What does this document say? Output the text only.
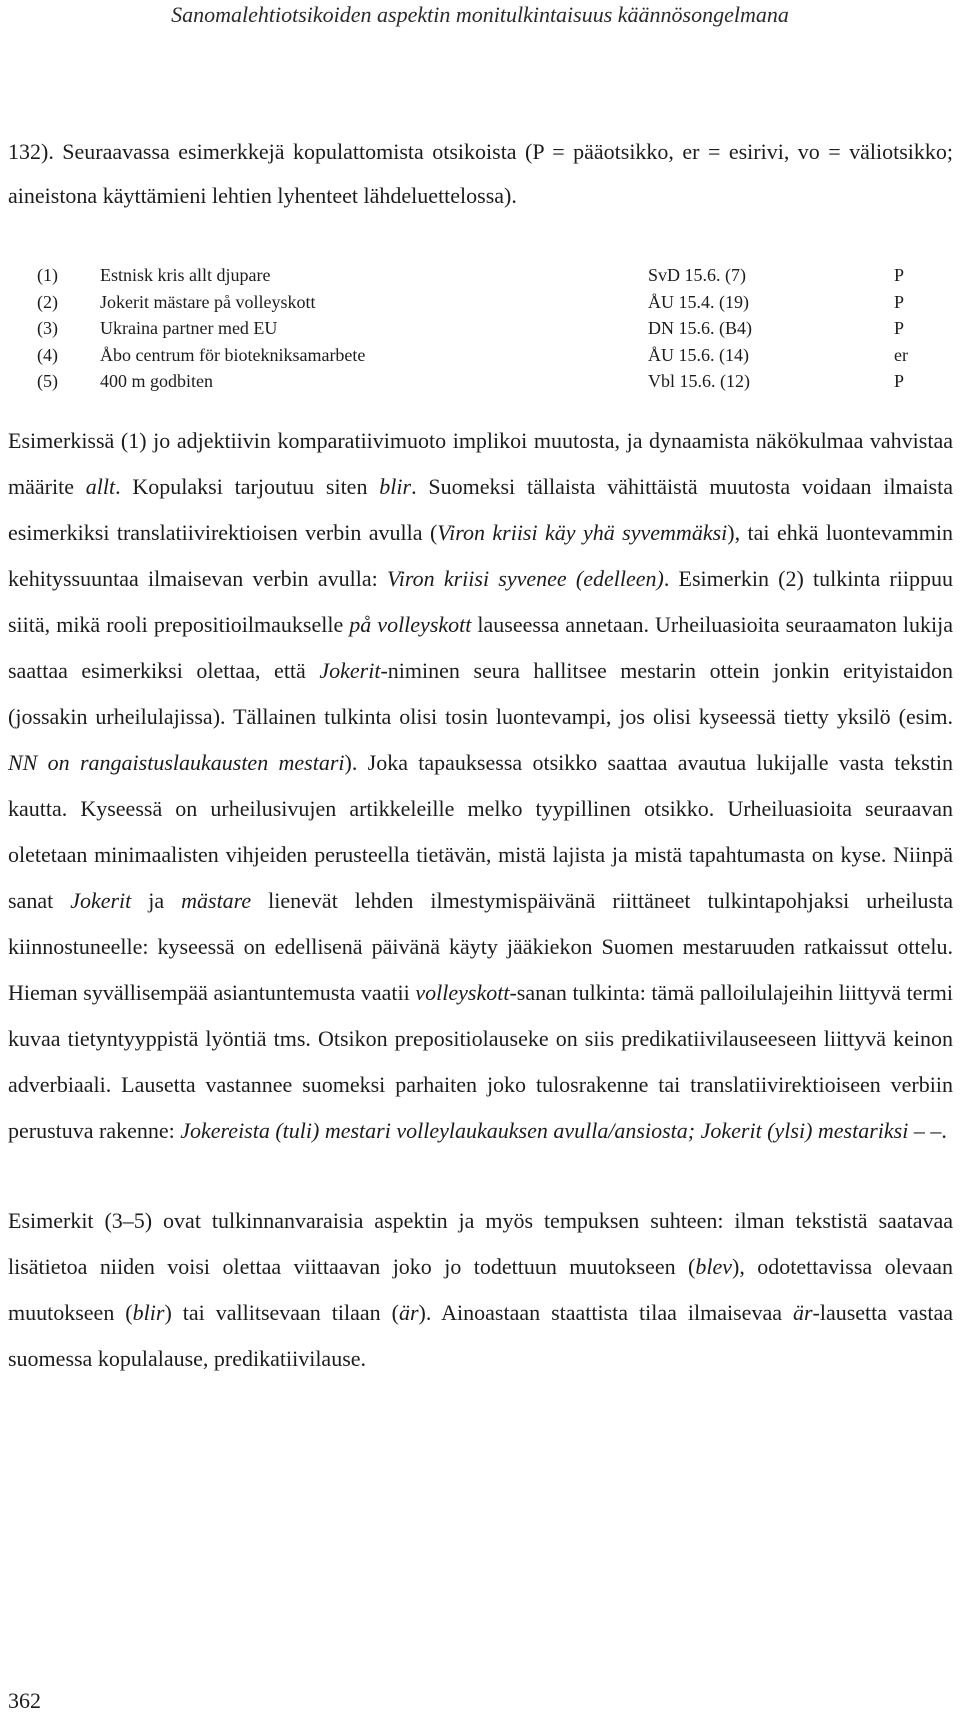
Sanomalehtiotsikoiden aspektin monitulkintaisuus käännösongelmana
132). Seuraavassa esimerkkejä kopulattomista otsikoista (P = pääotsikko, er = esirivi, vo = väliotsikko; aineistona käyttämieni lehtien lyhenteet lähdeluettelossa).
(1) Estnisk kris allt djupare	SvD 15.6. (7)	P
(2) Jokerit mästare på volleyskott	ÅU 15.4. (19)	P
(3) Ukraina partner med EU	DN 15.6. (B4)	P
(4) Åbo centrum för biotekniksamarbete	ÅU 15.6. (14)	er
(5) 400 m godbiten	Vbl 15.6. (12)	P

Esimerkissä (1) jo adjektiivin komparatiivimuoto implikoi muutosta, ja dynaamista näkökulmaa vahvistaa määrite allt. Kopulaksi tarjoutuu siten blir. Suomeksi tällaista vähittäistä muutosta voidaan ilmaista esimerkiksi translatiivirektioisen verbin avulla (Viron kriisi käy yhä syvemmäksi), tai ehkä luontevammin kehityssuuntaa ilmaisevan verbin avulla: Viron kriisi syvenee (edelleen). Esimerkin (2) tulkinta riippuu siitä, mikä rooli prepositioilmaukselle på volleyskott lauseessa annetaan. Urheiluasioita seuraamaton lukija saattaa esimerkiksi olettaa, että Jokerit-niminen seura hallitsee mestarin ottein jonkin erityistaidon (jossakin urheilulajissa). Tällainen tulkinta olisi tosin luontevampi, jos olisi kyseessä tietty yksilö (esim. NN on rangaistuslaukausten mestari). Joka tapauksessa otsikko saattaa avautua lukijalle vasta tekstin kautta. Kyseessä on urheilusivujen artikkeleille melko tyypillinen otsikko. Urheiluasioita seuraavan oletetaan minimaalisten vihjeiden perusteella tietävän, mistä lajista ja mistä tapahtumasta on kyse. Niinpä sanat Jokerit ja mästare lienevät lehden ilmestymispäivänä riittäneet tulkintapohjaksi urheilusta kiinnostuneelle: kyseessä on edellisenä päivänä käyty jääkiekon Suomen mestaruuden ratkaissut ottelu. Hieman syvällisempää asiantuntemusta vaatii volleyskott-sanan tulkinta: tämä palloilulajeihin liittyvä termi kuvaa tietyntyyppistä lyöntiä tms. Otsikon prepositiolauseke on siis predikatiivilauseeseen liittyvä keinon adverbiaali. Lausetta vastannee suomeksi parhaiten joko tulosrakenne tai translatiivirektioiseen verbiin perustuva rakenne: Jokereista (tuli) mestari volleylaukauksen avulla/ansiosta; Jokerit (ylsi) mestariksi – –.

Esimerkit (3–5) ovat tulkinnanvaraisia aspektin ja myös tempuksen suhteen: ilman tekstistä saatavaa lisätietoa niiden voisi olettaa viittaavan joko jo todettuun muutokseen (blev), odotettavissa olevaan muutokseen (blir) tai vallitsevaan tilaan (är). Ainoastaan staattista tilaa ilmaisevaa är-lausetta vastaa suomessa kopulalause, predikatiivilause.

362
